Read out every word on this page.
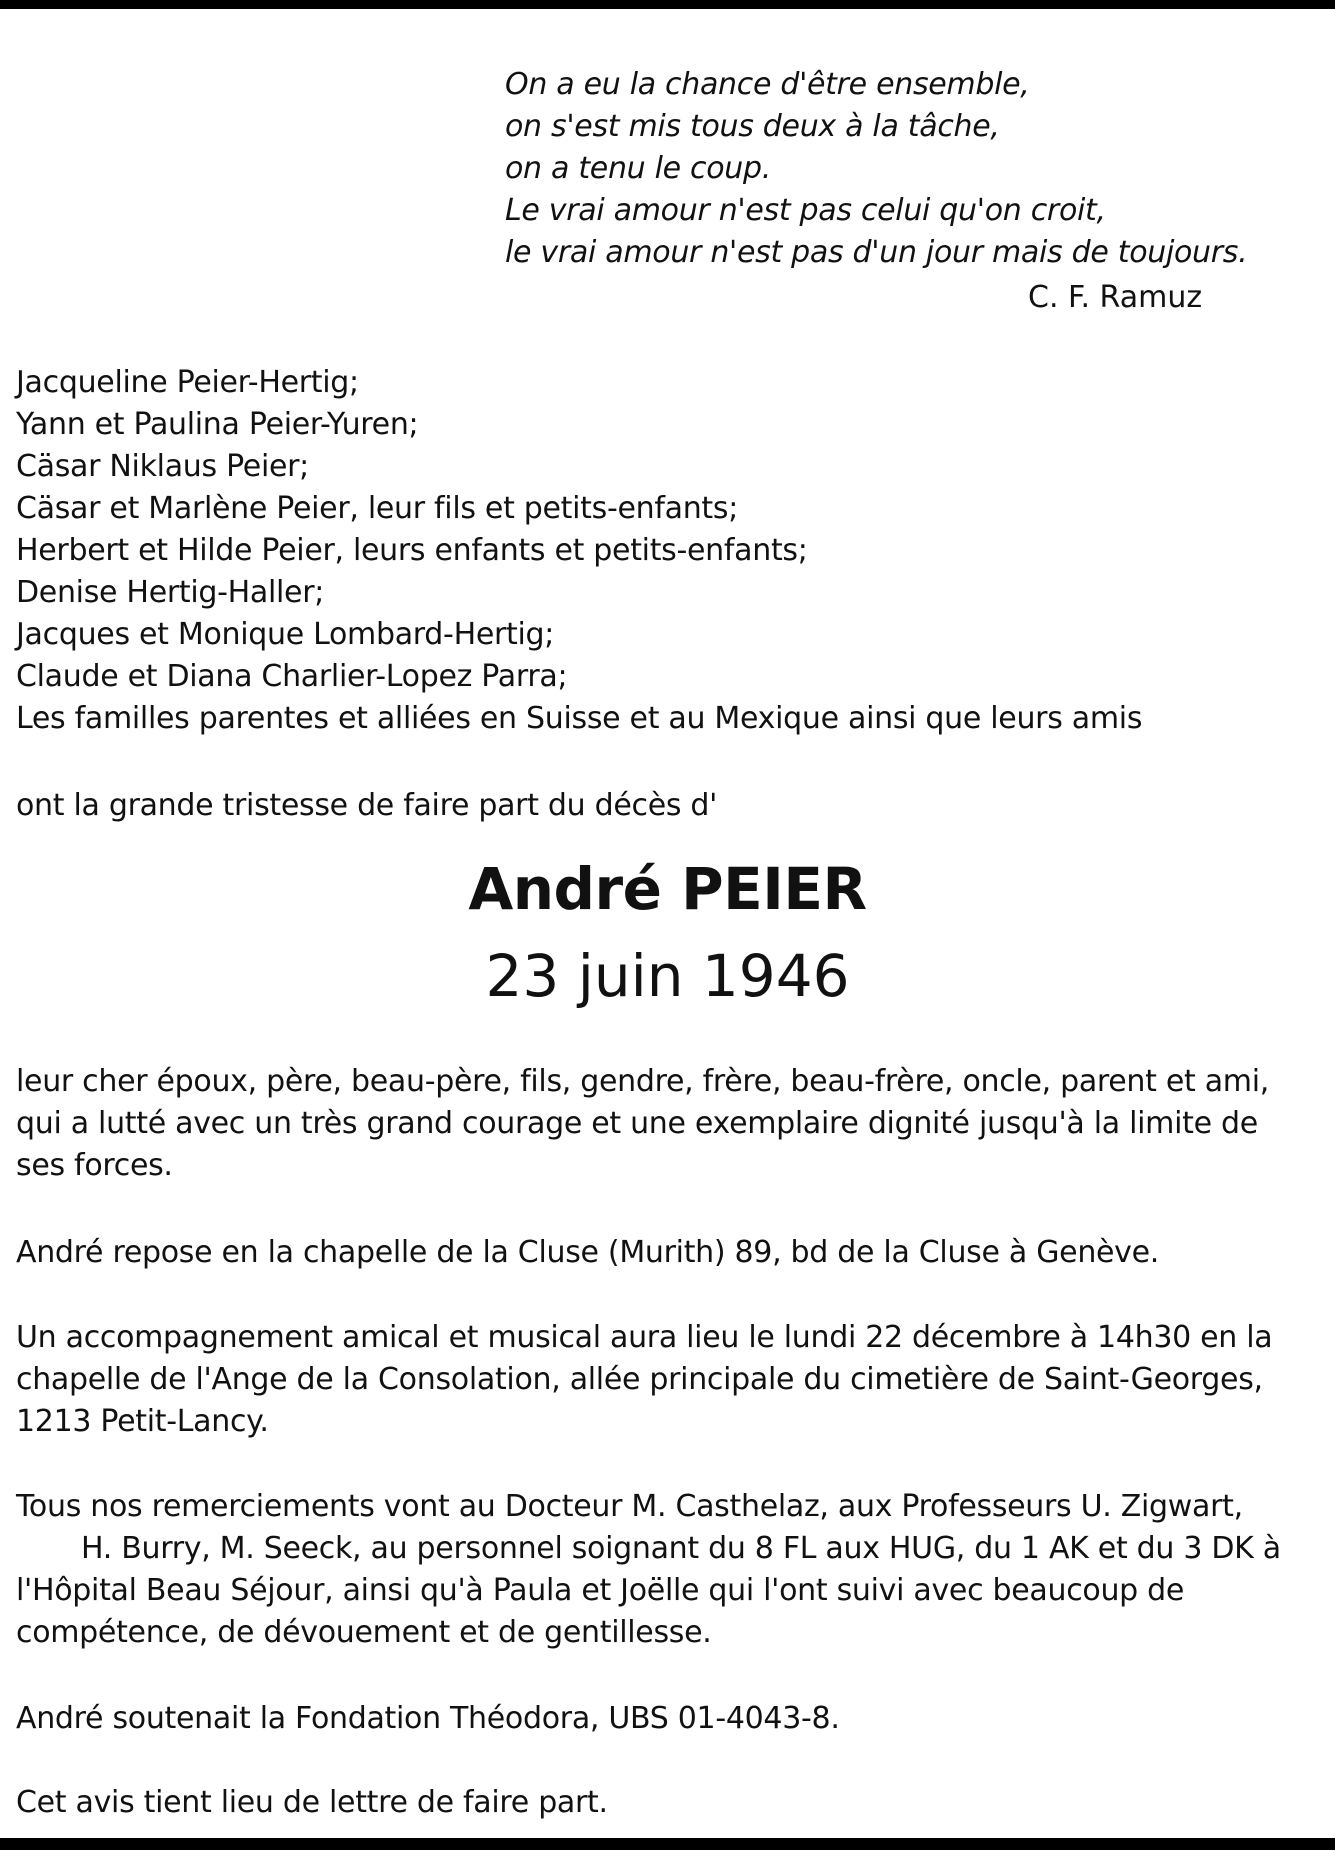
On a eu la chance d'être ensemble,
on s'est mis tous deux à la tâche,
on a tenu le coup.
Le vrai amour n'est pas celui qu'on croit,
le vrai amour n'est pas d'un jour mais de toujours.
C. F. Ramuz
Jacqueline Peier-Hertig;
Yann et Paulina Peier-Yuren;
Cäsar Niklaus Peier;
Cäsar et Marlène Peier, leur fils et petits-enfants;
Herbert et Hilde Peier, leurs enfants et petits-enfants;
Denise Hertig-Haller;
Jacques et Monique Lombard-Hertig;
Claude et Diana Charlier-Lopez Parra;
Les familles parentes et alliées en Suisse et au Mexique ainsi que leurs amis
ont la grande tristesse de faire part du décès d'
André PEIER
23 juin 1946
leur cher époux, père, beau-père, fils, gendre, frère, beau-frère, oncle, parent et ami,
qui a lutté avec un très grand courage et une exemplaire dignité jusqu'à la limite de
ses forces.
André repose en la chapelle de la Cluse (Murith) 89, bd de la Cluse à Genève.
Un accompagnement amical et musical aura lieu le lundi 22 décembre à 14h30 en la
chapelle de l'Ange de la Consolation, allée principale du cimetière de Saint-Georges,
1213 Petit-Lancy.
Tous nos remerciements vont au Docteur M. Casthelaz, aux Professeurs U. Zigwart,
H. Burry, M. Seeck, au personnel soignant du 8 FL aux HUG, du 1 AK et du 3 DK à
l'Hôpital Beau Séjour, ainsi qu'à Paula et Joëlle qui l'ont suivi avec beaucoup de
compétence, de dévouement et de gentillesse.
André soutenait la Fondation Théodora, UBS 01-4043-8.
Cet avis tient lieu de lettre de faire part.
